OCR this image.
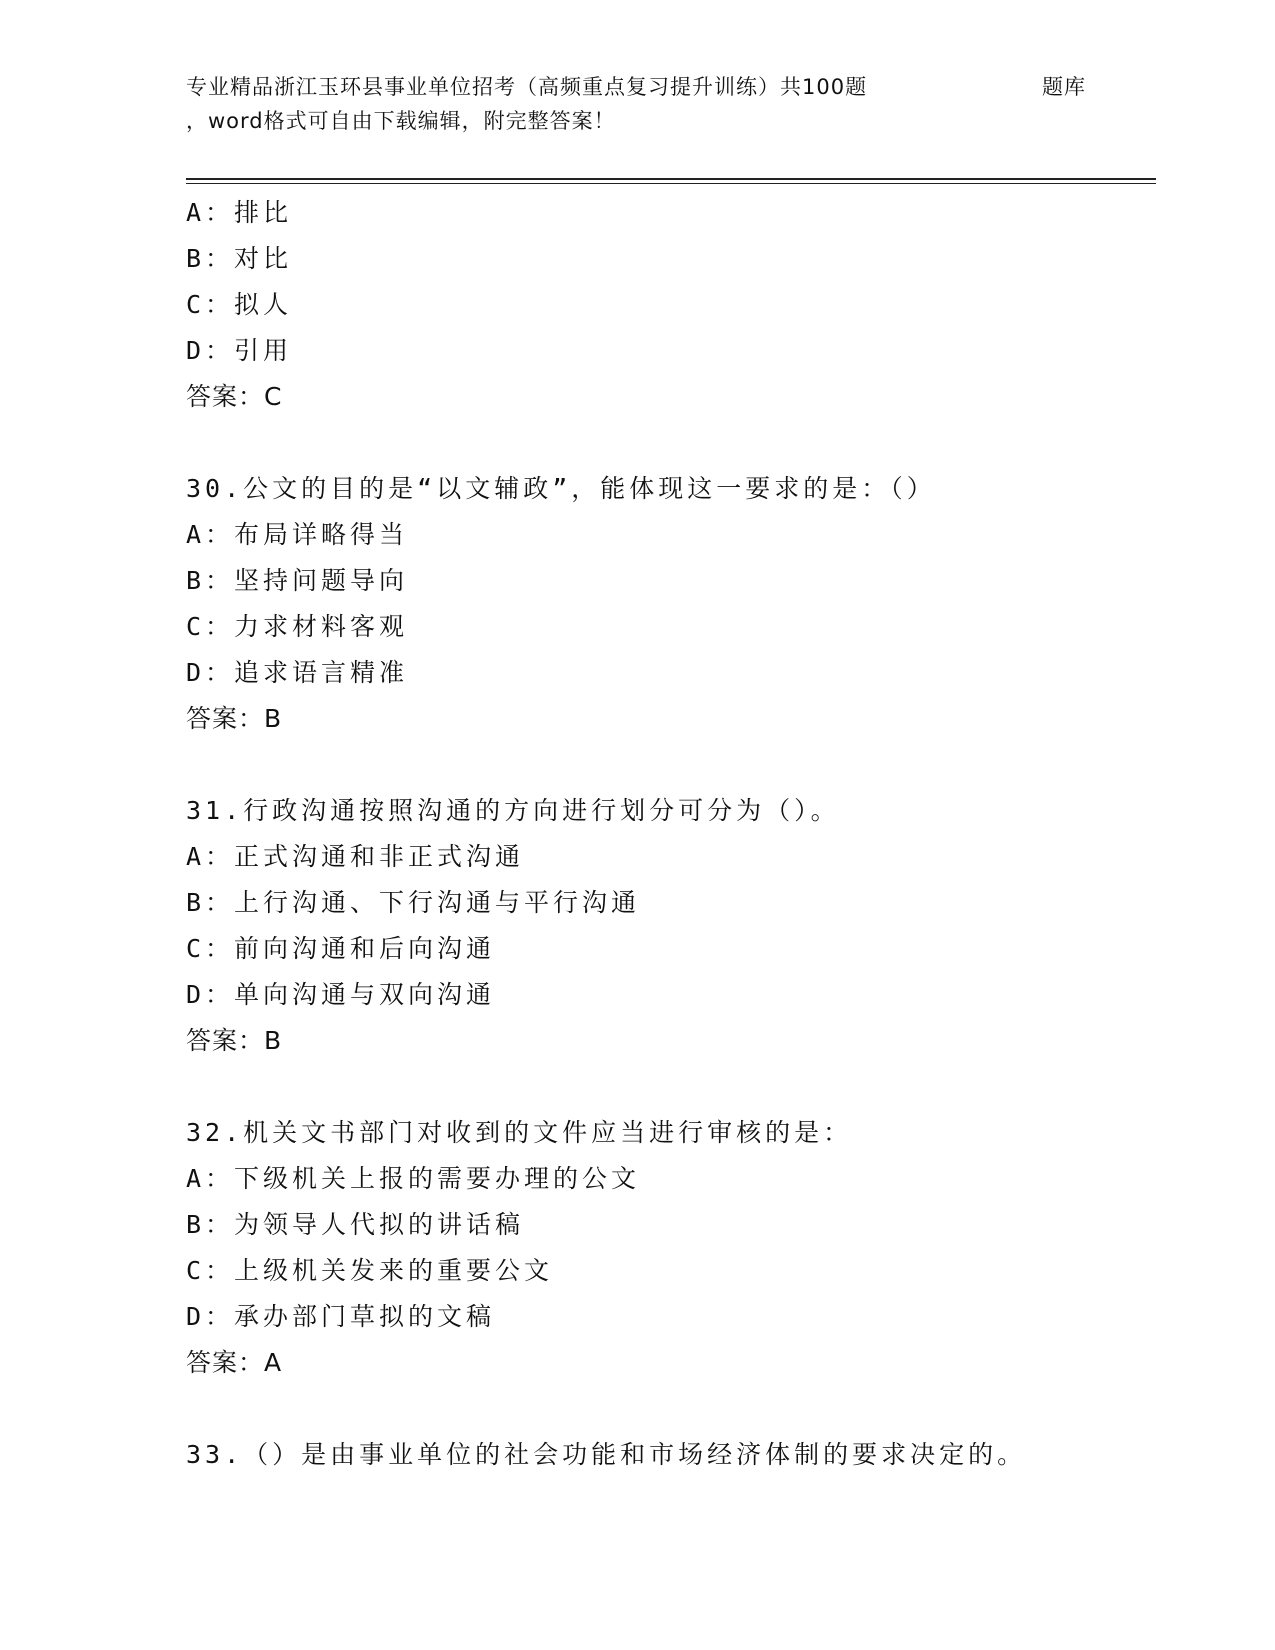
专业精品浙江玉环县事业单位招考（高频重点复习提升训练）共100题	题库
，word格式可自由下载编辑，附完整答案！
A：排比
B：对比
C：拟人
D：引用
答案：C
30.公文的目的是“以文辅政”，能体现这一要求的是：（）
A：布局详略得当
B：坚持问题导向
C：力求材料客观
D：追求语言精准
答案：B
31.行政沟通按照沟通的方向进行划分可分为（）。
A：正式沟通和非正式沟通
B：上行沟通、下行沟通与平行沟通
C：前向沟通和后向沟通
D：单向沟通与双向沟通
答案：B
32.机关文书部门对收到的文件应当进行审核的是：
A：下级机关上报的需要办理的公文
B：为领导人代拟的讲话稿
C：上级机关发来的重要公文
D：承办部门草拟的文稿
答案：A
33.（）是由事业单位的社会功能和市场经济体制的要求决定的。
